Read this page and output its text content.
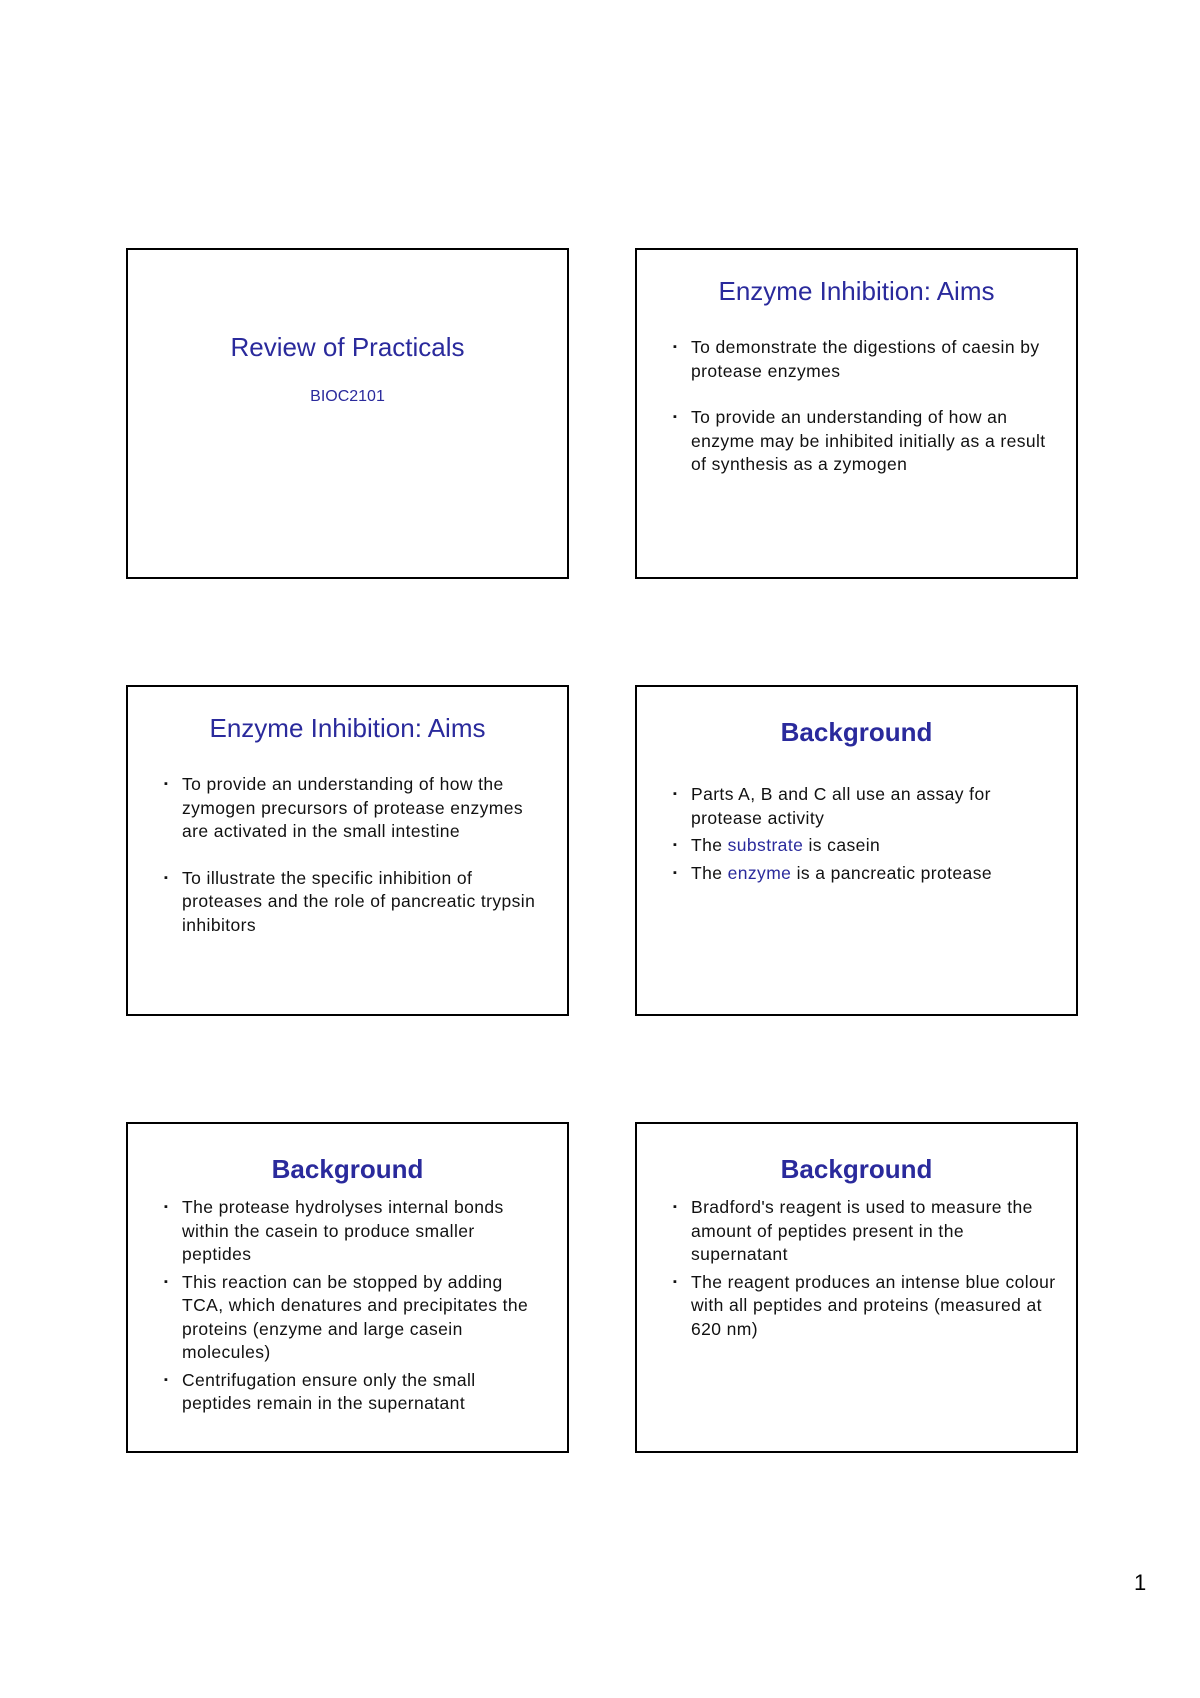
Review of Practicals
BIOC2101
Enzyme Inhibition: Aims
▪ To demonstrate the digestions of caesin by protease enzymes
▪ To provide an understanding of how an enzyme may be inhibited initially as a result of synthesis as a zymogen
Enzyme Inhibition: Aims
▪ To provide an understanding of how the zymogen precursors of protease enzymes are activated in the small intestine
▪ To illustrate the specific inhibition of proteases and the role of pancreatic trypsin inhibitors
Background
▪ Parts A, B and C all use an assay for protease activity
▪ The substrate is casein
▪ The enzyme is a pancreatic protease
Background
▪ The protease hydrolyses internal bonds within the casein to produce smaller peptides
▪ This reaction can be stopped by adding TCA, which denatures and precipitates the proteins (enzyme and large casein molecules)
▪ Centrifugation ensure only the small peptides remain in the supernatant
Background
▪ Bradford's reagent is used to measure the amount of peptides present in the supernatant
▪ The reagent produces an intense blue colour with all peptides and proteins (measured at 620 nm)
1
